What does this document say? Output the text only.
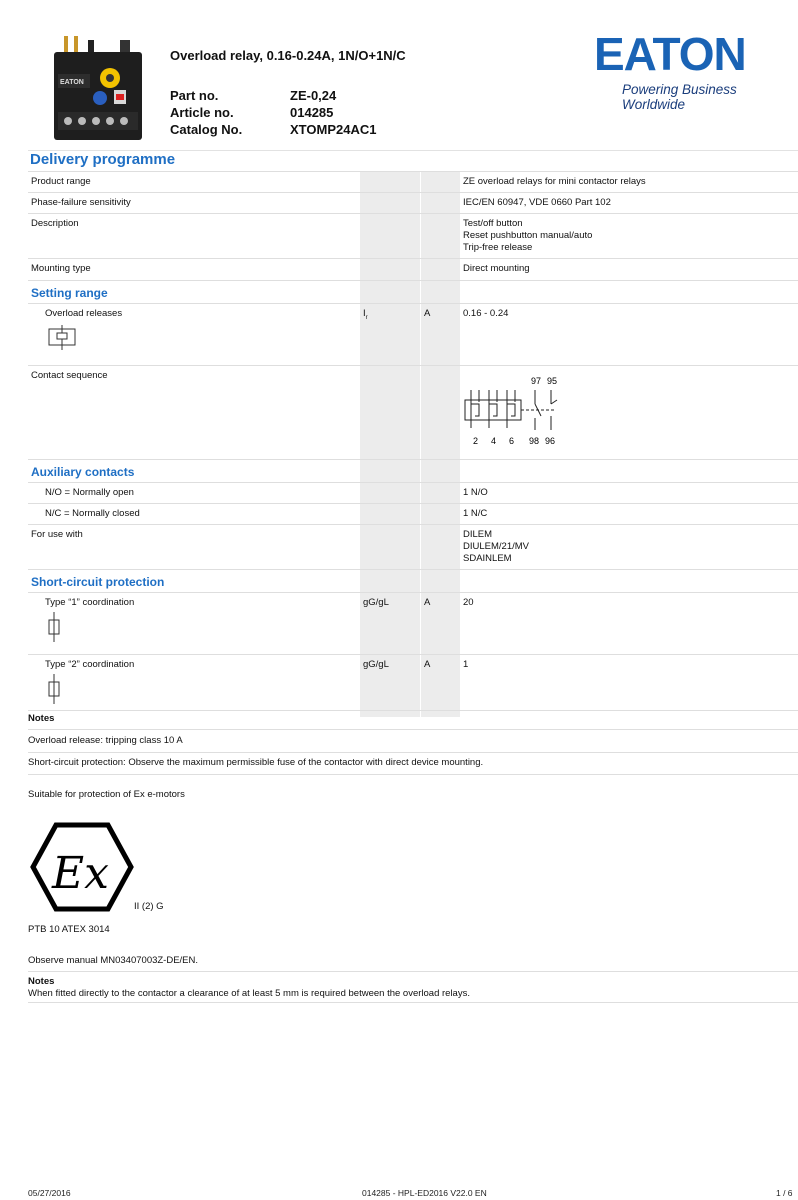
EATON
Overload relay, 0.16-0.24A, 1N/O+1N/C
Part no.	ZE-0,24
Article no.	014285
Catalog No.	XTOMP24AC1
EATON
Powering Business Worldwide
Delivery programme
Product range	ZE overload relays for mini contactor relays
Phase-failure sensitivity	IEC/EN 60947, VDE 0660 Part 102
Description	Test/off button
Reset pushbutton manual/auto
Trip-free release
Mounting type	Direct mounting
Setting range
Overload releases	$I_r$	A	0.16 - 0.24
Contact sequence	97 95
2 4 6 98 96
Auxiliary contacts
N/O = Normally open	1 N/O
N/C = Normally closed	1 N/C
For use with	DILEM
DIULEM/21/MV
SDAINLEM
Short-circuit protection
Type “1” coordination	gG/gL	A	20
Type “2” coordination	gG/gL	A	1
Notes
Overload release: tripping class 10 A
Short-circuit protection: Observe the maximum permissible fuse of the contactor with direct device mounting.
Suitable for protection of Ex e-motors
Ex
II (2) G
PTB 10 ATEX 3014
Observe manual MN03407003Z-DE/EN.
Notes
When fitted directly to the contactor a clearance of at least 5 mm is required between the overload relays.
05/27/2016	014285 - HPL-ED2016 V22.0 EN	1 / 6
